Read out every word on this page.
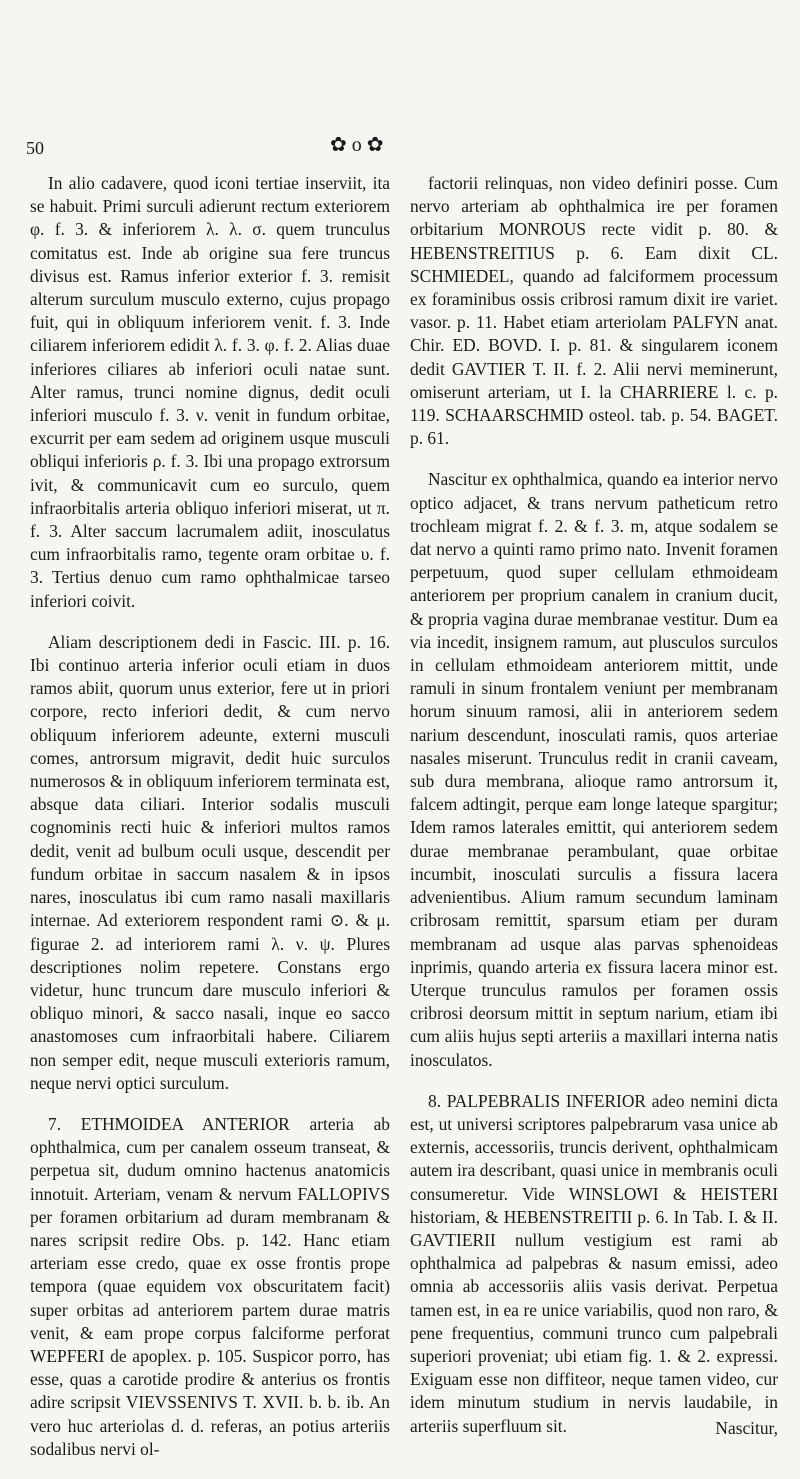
50	✿ o ✿

In alio cadavere, quod iconi tertiae inserviit, ita se habuit. Primi surculi adierunt rectum exteriorem φ. f. 3. & inferiorem λ. λ. σ. quem trunculus comitatus est. Inde ab origine sua fere truncus divisus est. Ramus inferior exterior f. 3. remisit alterum surculum musculo externo, cujus propago fuit, qui in obliquum inferiorem venit. f. 3. Inde ciliarem inferiorem edidit λ. f. 3. φ. f. 2. Alias duae inferiores ciliares ab inferiori oculi natae sunt. Alter ramus, trunci nomine dignus, dedit oculi inferiori musculo f. 3. ν. venit in fundum orbitae, excurrit per eam sedem ad originem usque musculi obliqui inferioris ρ. f. 3. Ibi una propago extrorsum ivit, & communicavit cum eo surculo, quem infraorbitalis arteria obliquo inferiori miserat, ut π. f. 3. Alter saccum lacrumalem adiit, inosculatus cum infraorbitalis ramo, tegente oram orbitae υ. f. 3. Tertius denuo cum ramo ophthalmicae tarseo inferiori coivit.

Aliam descriptionem dedi in Fascic. III. p. 16. Ibi continuo arteria inferior oculi etiam in duos ramos abiit, quorum unus exterior, fere ut in priori corpore, recto inferiori dedit, & cum nervo obliquum inferiorem adeunte, externi musculi comes, antrorsum migravit, dedit huic surculos numerosos & in obliquum inferiorem terminata est, absque data ciliari. Interior sodalis musculi cognominis recti huic & inferiori multos ramos dedit, venit ad bulbum oculi usque, descendit per fundum orbitae in saccum nasalem & in ipsos nares, inosculatus ibi cum ramo nasali maxillaris internae. Ad exteriorem respondent rami ⊙. & μ. figurae 2. ad interiorem rami λ. ν. ψ. Plures descriptiones nolim repetere. Constans ergo videtur, hunc truncum dare musculo inferiori & obliquo minori, & sacco nasali, inque eo sacco anastomoses cum infraorbitali habere. Ciliarem non semper edit, neque musculi exterioris ramum, neque nervi optici surculum.

7. ETHMOIDEA ANTERIOR arteria ab ophthalmica, cum per canalem osseum transeat, & perpetua sit, dudum omnino hactenus anatomicis innotuit. Arteriam, venam & nervum FALLOPIVS per foramen orbitarium ad duram membranam & nares scripsit redire Obs. p. 142. Hanc etiam arteriam esse credo, quae ex osse frontis prope tempora (quae equidem vox obscuritatem facit) super orbitas ad anteriorem partem durae matris venit, & eam prope corpus falciforme perforat WEPFERI de apoplex. p. 105. Suspicor porro, has esse, quas a carotide prodire & anterius os frontis adire scripsit VIEVSSENIVS T. XVII. b. b. ib. An vero huc arteriolas d. d. referas, an potius arteriis sodalibus nervi ol-

factorii relinquas, non video definiri posse. Cum nervo arteriam ab ophthalmica ire per foramen orbitarium MONROUS recte vidit p. 80. & HEBENSTREITIUS p. 6. Eam dixit CL. SCHMIEDEL, quando ad falciformem processum ex foraminibus ossis cribrosi ramum dixit ire variet. vasor. p. 11. Habet etiam arteriolam PALFYN anat. Chir. ED. BOVD. I. p. 81. & singularem iconem dedit GAVTIER T. II. f. 2. Alii nervi meminerunt, omiserunt arteriam, ut I. la CHARRIERE l. c. p. 119. SCHAARSCHMID osteol. tab. p. 54. BAGET. p. 61.

Nascitur ex ophthalmica, quando ea interior nervo optico adjacet, & trans nervum patheticum retro trochleam migrat f. 2. & f. 3. m, atque sodalem se dat nervo a quinti ramo primo nato. Invenit foramen perpetuum, quod super cellulam ethmoideam anteriorem per proprium canalem in cranium ducit, & propria vagina durae membranae vestitur. Dum ea via incedit, insignem ramum, aut plusculos surculos in cellulam ethmoideam anteriorem mittit, unde ramuli in sinum frontalem veniunt per membranam horum sinuum ramosi, alii in anteriorem sedem narium descendunt, inosculati ramis, quos arteriae nasales miserunt. Trunculus redit in cranii caveam, sub dura membrana, alioque ramo antrorsum it, falcem adtingit, perque eam longe lateque spargitur; Idem ramos laterales emittit, qui anteriorem sedem durae membranae perambulant, quae orbitae incumbit, inosculati surculis a fissura lacera advenientibus. Alium ramum secundum laminam cribrosam remittit, sparsum etiam per duram membranam ad usque alas parvas sphenoideas inprimis, quando arteria ex fissura lacera minor est. Uterque trunculus ramulos per foramen ossis cribrosi deorsum mittit in septum narium, etiam ibi cum aliis hujus septi arteriis a maxillari interna natis inosculatos.

8. PALPEBRALIS INFERIOR adeo nemini dicta est, ut universi scriptores palpebrarum vasa unice ab externis, accessoriis, truncis derivent, ophthalmicam autem ira describant, quasi unice in membranis oculi consumeretur. Vide WINSLOWI & HEISTERI historiam, & HEBENSTREITII p. 6. In Tab. I. & II. GAVTIERII nullum vestigium est rami ab ophthalmica ad palpebras & nasum emissi, adeo omnia ab accessoriis aliis vasis derivat. Perpetua tamen est, in ea re unice variabilis, quod non raro, & pene frequentius, communi trunco cum palpebrali superiori proveniat; ubi etiam fig. 1. & 2. expressi. Exiguam esse non diffiteor, neque tamen video, cur idem minutum studium in nervis laudabile, in arteriis superfluum sit.	Nascitur,
